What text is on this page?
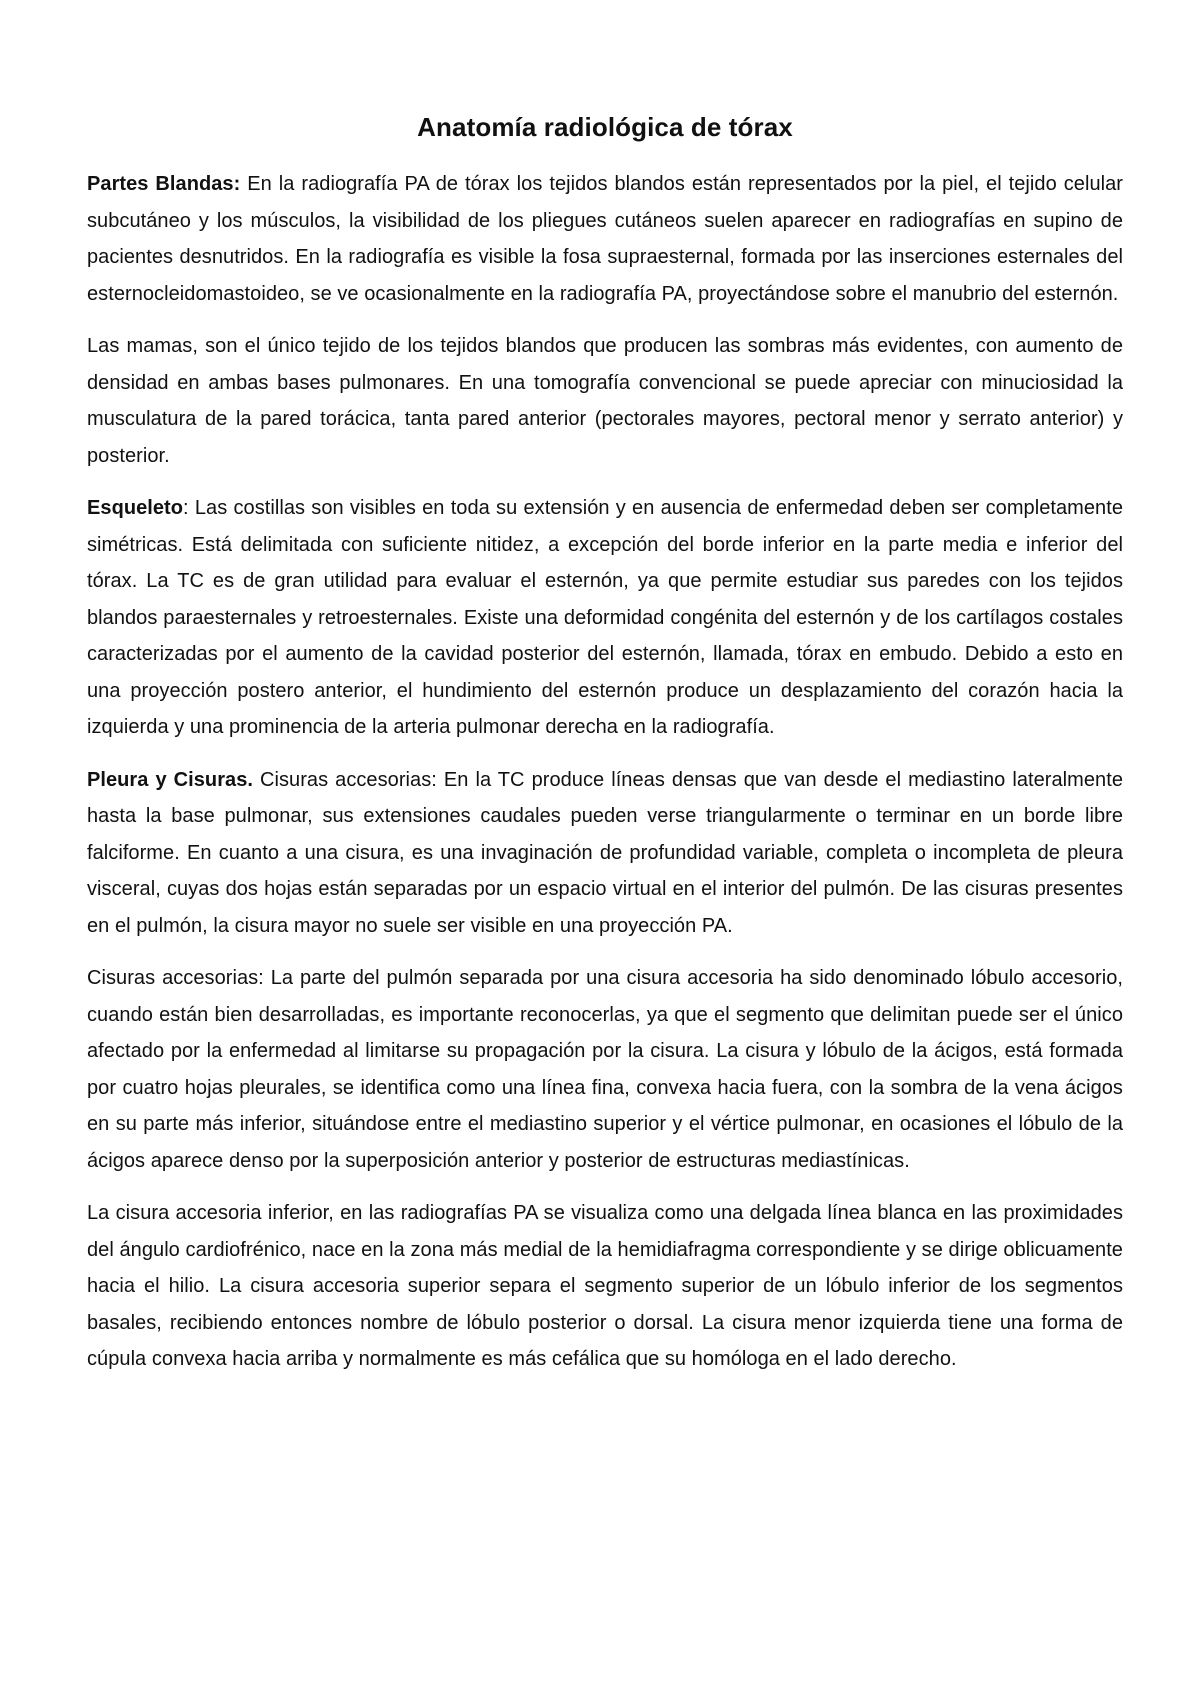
Anatomía radiológica de tórax

Partes Blandas: En la radiografía PA de tórax los tejidos blandos están representados por la piel, el tejido celular subcutáneo y los músculos, la visibilidad de los pliegues cutáneos suelen aparecer en radiografías en supino de pacientes desnutridos. En la radiografía es visible la fosa supraesternal, formada por las inserciones esternales del esternocleidomastoideo, se ve ocasionalmente en la radiografía PA, proyectándose sobre el manubrio del esternón.

Las mamas, son el único tejido de los tejidos blandos que producen las sombras más evidentes, con aumento de densidad en ambas bases pulmonares. En una tomografía convencional se puede apreciar con minuciosidad la musculatura de la pared torácica, tanta pared anterior (pectorales mayores, pectoral menor y serrato anterior) y posterior.

Esqueleto: Las costillas son visibles en toda su extensión y en ausencia de enfermedad deben ser completamente simétricas. Está delimitada con suficiente nitidez, a excepción del borde inferior en la parte media e inferior del tórax. La TC es de gran utilidad para evaluar el esternón, ya que permite estudiar sus paredes con los tejidos blandos paraesternales y retroesternales. Existe una deformidad congénita del esternón y de los cartílagos costales caracterizadas por el aumento de la cavidad posterior del esternón, llamada, tórax en embudo. Debido a esto en una proyección postero anterior, el hundimiento del esternón produce un desplazamiento del corazón hacia la izquierda y una prominencia de la arteria pulmonar derecha en la radiografía.

Pleura y Cisuras. Cisuras accesorias: En la TC produce líneas densas que van desde el mediastino lateralmente hasta la base pulmonar, sus extensiones caudales pueden verse triangularmente o terminar en un borde libre falciforme. En cuanto a una cisura, es una invaginación de profundidad variable, completa o incompleta de pleura visceral, cuyas dos hojas están separadas por un espacio virtual en el interior del pulmón. De las cisuras presentes en el pulmón, la cisura mayor no suele ser visible en una proyección PA.

Cisuras accesorias: La parte del pulmón separada por una cisura accesoria ha sido denominado lóbulo accesorio, cuando están bien desarrolladas, es importante reconocerlas, ya que el segmento que delimitan puede ser el único afectado por la enfermedad al limitarse su propagación por la cisura. La cisura y lóbulo de la ácigos, está formada por cuatro hojas pleurales, se identifica como una línea fina, convexa hacia fuera, con la sombra de la vena ácigos en su parte más inferior, situándose entre el mediastino superior y el vértice pulmonar, en ocasiones el lóbulo de la ácigos aparece denso por la superposición anterior y posterior de estructuras mediastínicas.

La cisura accesoria inferior, en las radiografías PA se visualiza como una delgada línea blanca en las proximidades del ángulo cardiofrénico, nace en la zona más medial de la hemidiafragma correspondiente y se dirige oblicuamente hacia el hilio. La cisura accesoria superior separa el segmento superior de un lóbulo inferior de los segmentos basales, recibiendo entonces nombre de lóbulo posterior o dorsal. La cisura menor izquierda tiene una forma de cúpula convexa hacia arriba y normalmente es más cefálica que su homóloga en el lado derecho.
